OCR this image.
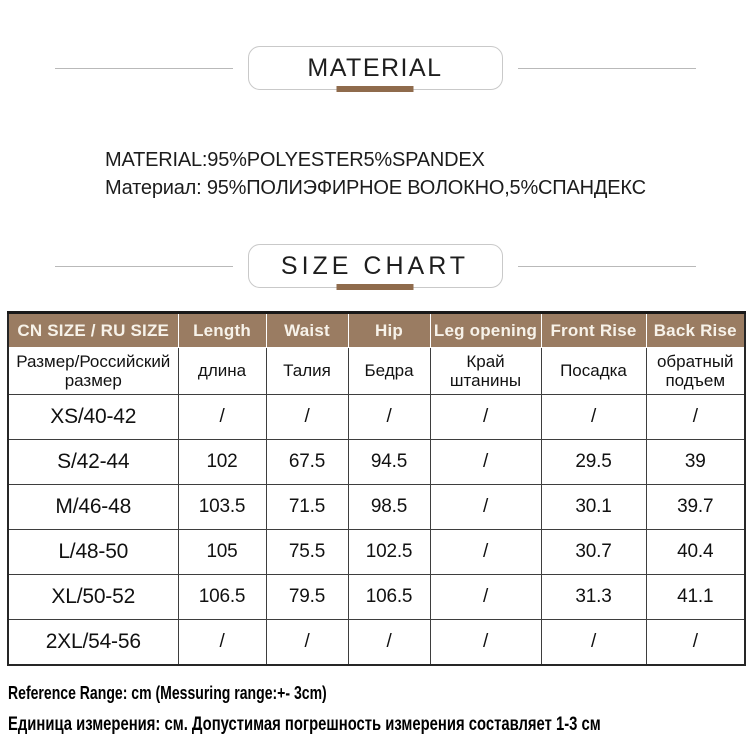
MATERIAL
MATERIAL:95%POLYESTER5%SPANDEX
Материал: 95%ПОЛИЭФИРНОЕ ВОЛОКНО,5%СПАНДЕКС
SIZE CHART
CN SIZE / RU SIZE	Length	Waist	Hip	Leg opening	Front Rise	Back Rise
Размер/Российский размер	длина	Талия	Бедра	Край штанины	Посадка	обратный подъем
XS/40-42	/	/	/	/	/	/
S/42-44	102	67.5	94.5	/	29.5	39
M/46-48	103.5	71.5	98.5	/	30.1	39.7
L/48-50	105	75.5	102.5	/	30.7	40.4
XL/50-52	106.5	79.5	106.5	/	31.3	41.1
2XL/54-56	/	/	/	/	/	/
Reference Range: cm (Messuring range:+- 3cm)
Единица измерения: см. Допустимая погрешность измерения составляет 1-3 см
